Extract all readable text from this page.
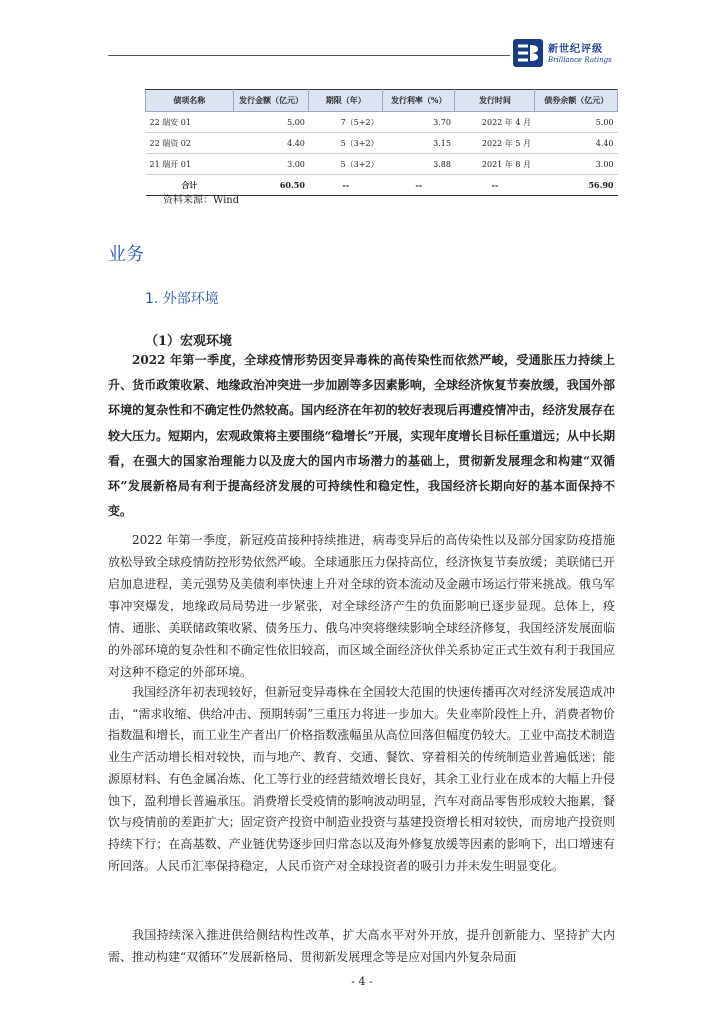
新世纪评级
Brilliance Ratings
债项名称	发行金额（亿元）	期限（年）	发行利率（%）	发行时间	债券余额（亿元）
22 瑞安 01	5.00	7（5+2）	3.70	2022 年 4 月	5.00
22 瑞资 02	4.40	5（3+2）	3.15	2022 年 5 月	4.40
21 瑞开 01	3.00	5（3+2）	3.88	2021 年 8 月	3.00
合计	60.50	--	--	--	56.90
资料来源：Wind
业务
1. 外部环境
（1）宏观环境

2022 年第一季度，全球疫情形势因变异毒株的高传染性而依然严峻，受通胀压力持续上升、货币政策收紧、地缘政治冲突进一步加剧等多因素影响，全球经济恢复节奏放缓，我国外部环境的复杂性和不确定性仍然较高。国内经济在年初的较好表现后再遭疫情冲击，经济发展存在较大压力。短期内，宏观政策将主要围绕“稳增长”开展，实现年度增长目标任重道远；从中长期看，在强大的国家治理能力以及庞大的国内市场潜力的基础上，贯彻新发展理念和构建“双循环”发展新格局有利于提高经济发展的可持续性和稳定性，我国经济长期向好的基本面保持不变。

2022 年第一季度，新冠疫苗接种持续推进，病毒变异后的高传染性以及部分国家防疫措施放松导致全球疫情防控形势依然严峻。全球通胀压力保持高位，经济恢复节奏放缓；美联储已开启加息进程，美元强势及美债利率快速上升对全球的资本流动及金融市场运行带来挑战。俄乌军事冲突爆发，地缘政局局势进一步紧张，对全球经济产生的负面影响已逐步显现。总体上，疫情、通胀、美联储政策收紧、债务压力、俄乌冲突将继续影响全球经济修复，我国经济发展面临的外部环境的复杂性和不确定性依旧较高，而区域全面经济伙伴关系协定正式生效有利于我国应对这种不稳定的外部环境。

我国经济年初表现较好，但新冠变异毒株在全国较大范围的快速传播再次对经济发展造成冲击，“需求收缩、供给冲击、预期转弱”三重压力将进一步加大。失业率阶段性上升，消费者物价指数温和增长，而工业生产者出厂价格指数涨幅虽从高位回落但幅度仍较大。工业中高技术制造业生产活动增长相对较快，而与地产、教育、交通、餐饮、穿着相关的传统制造业普遍低迷；能源原材料、有色金属冶炼、化工等行业的经营绩效增长良好，其余工业行业在成本的大幅上升侵蚀下，盈利增长普遍承压。消费增长受疫情的影响波动明显，汽车对商品零售形成较大拖累，餐饮与疫情前的差距扩大；固定资产投资中制造业投资与基建投资增长相对较快，而房地产投资则持续下行；在高基数、产业链优势逐步回归常态以及海外修复放缓等因素的影响下，出口增速有所回落。人民币汇率保持稳定，人民币资产对全球投资者的吸引力并未发生明显变化。

我国持续深入推进供给侧结构性改革，扩大高水平对外开放，提升创新能力、坚持扩大内需、推动构建“双循环”发展新格局、贯彻新发展理念等是应对国内外复杂局面

- 4 -
